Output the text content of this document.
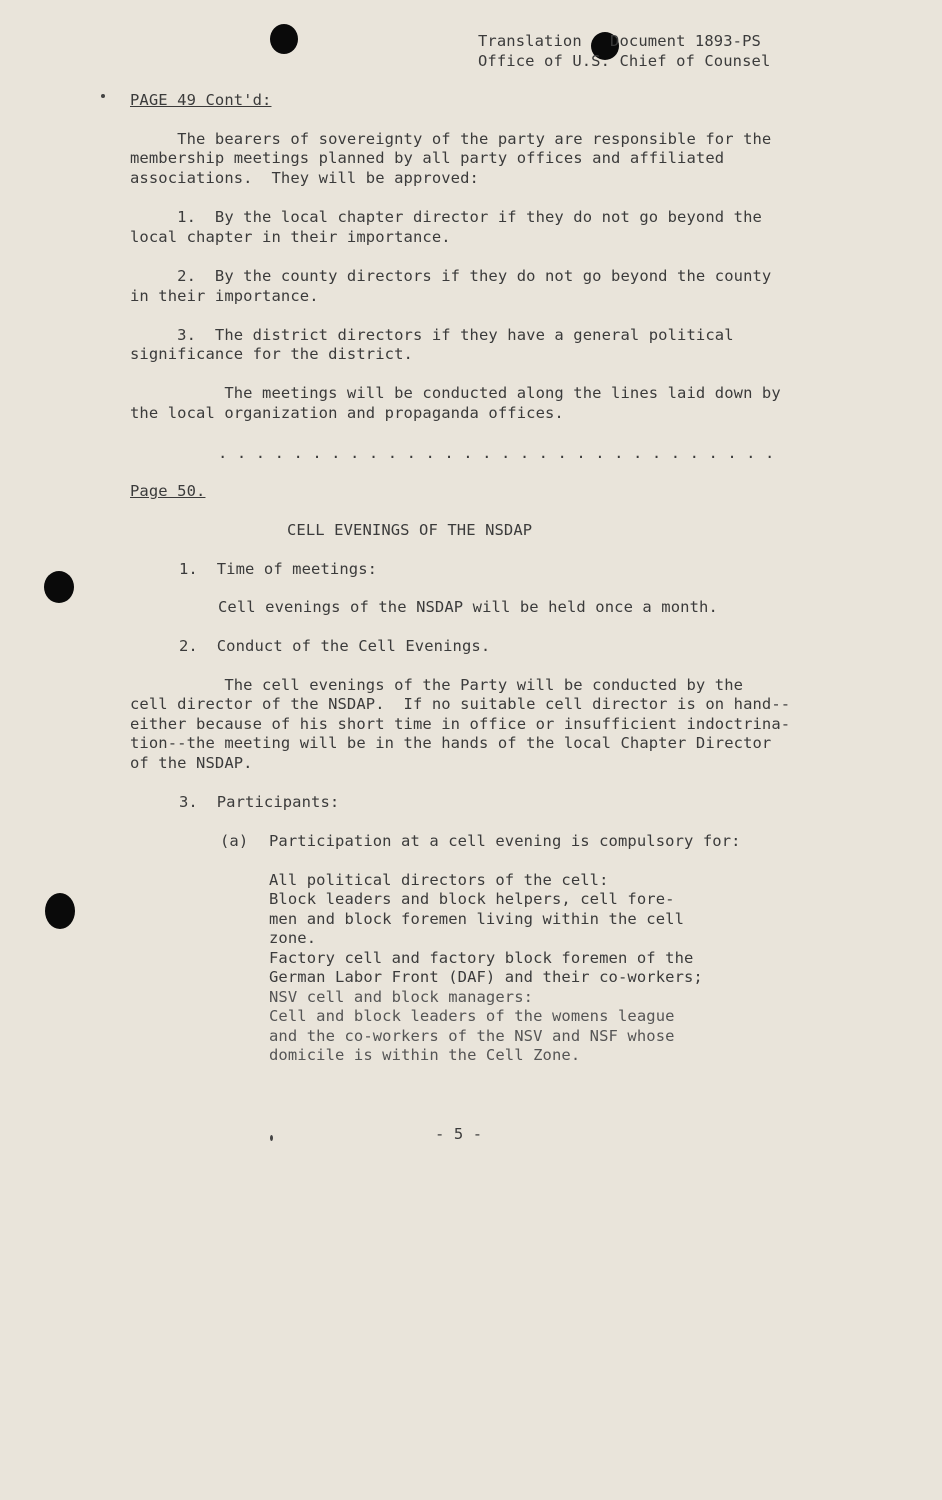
Translation   Document 1893-PS

Office of U.S. Chief of Counsel

PAGE 49 Cont'd:

The bearers of sovereignty of the party are responsible for the

membership meetings planned by all party offices and affiliated

associations.  They will be approved:

1.  By the local chapter director if they do not go beyond the

local chapter in their importance.

2.  By the county directors if they do not go beyond the county

in their importance.

3.  The district directors if they have a general political

significance for the district.

The meetings will be conducted along the lines laid down by

the local organization and propaganda offices.

. . . . . . . . . . . . . . . . . . . . . . . . . . . . . .

Page 50.

CELL EVENINGS OF THE NSDAP

1.  Time of meetings:

Cell evenings of the NSDAP will be held once a month.

2.  Conduct of the Cell Evenings.

The cell evenings of the Party will be conducted by the

cell director of the NSDAP.  If no suitable cell director is on hand--

either because of his short time in office or insufficient indoctrina-

tion--the meeting will be in the hands of the local Chapter Director

of the NSDAP.

3.  Participants:

(a) Participation at a cell evening is compulsory for:

All political directors of the cell:

Block leaders and block helpers, cell fore-

men and block foremen living within the cell

zone.

Factory cell and factory block foremen of the

German Labor Front (DAF) and their co-workers;

NSV cell and block managers:

Cell and block leaders of the womens league

and the co-workers of the NSV and NSF whose

domicile is within the Cell Zone.

- 5 -
